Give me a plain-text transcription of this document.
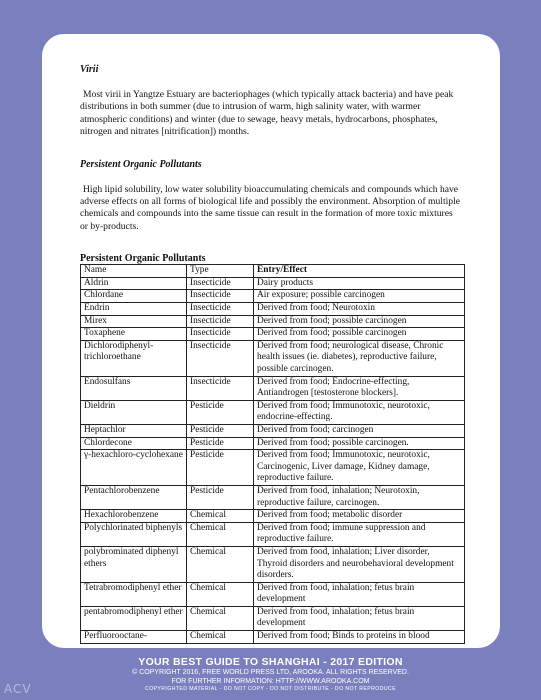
Virii

Most virii in Yangtze Estuary are bacteriophages (which typically attack bacteria) and have peak distributions in both summer (due to intrusion of warm, high salinity water, with warmer atmospheric conditions) and winter (due to sewage, heavy metals, hydrocarbons, phosphates, nitrogen and nitrates [nitrification]) months.

Persistent Organic Pollutants

High lipid solubility, low water solubility bioaccumulating chemicals and compounds which have adverse effects on all forms of biological life and possibly the environment. Absorption of multiple chemicals and compounds into the same tissue can result in the formation of more toxic mixtures or by-products.

Persistent Organic Pollutants
Name	Type	Entry/Effect
Aldrin	Insecticide	Dairy products
Chlordane	Insecticide	Air exposure; possible carcinogen
Endrin	Insecticide	Derived from food; Neurotoxin
Mirex	Insecticide	Derived from food; possible carcinogen
Toxaphene	Insecticide	Derived from food; possible carcinogen
Dichlorodiphenyl-trichloroethane	Insecticide	Derived from food; neurological disease, Chronic health issues (ie. diabetes), reproductive failure, possible carcinogen.
Endosulfans	Insecticide	Derived from food; Endocrine-effecting, Antiandrogen [testosterone blockers].
Dieldrin	Pesticide	Derived from food; Immunotoxic, neurotoxic, endocrine-effecting.
Heptachlor	Pesticide	Derived from food; carcinogen
Chlordecone	Pesticide	Derived from food; possible carcinogen.
γ-hexachloro-cyclohexane	Pesticide	Derived from food; Immunotoxic, neurotoxic, Carcinogenic, Liver damage, Kidney damage, reproductive failure.
Pentachlorobenzene	Pesticide	Derived from food, inhalation; Neurotoxin, reproductive failure, carcinogen.
Hexachlorobenzene	Chemical	Derived from food; metabolic disorder
Polychlorinated biphenyls	Chemical	Derived from food; immune suppression and reproductive failure.
polybrominated diphenyl ethers	Chemical	Derived from food, inhalation; Liver disorder, Thyroid disorders and neurobehavioral development disorders.
Tetrabromodiphenyl ether	Chemical	Derived from food, inhalation; fetus brain development
pentabromodiphenyl ether	Chemical	Derived from food, inhalation; fetus brain development
Perfluorooctane-	Chemical	Derived from food; Binds to proteins in blood
YOUR BEST GUIDE TO SHANGHAI - 2017 EDITION
© COPYRIGHT 2016, FREE WORLD PRESS LTD, AROOKA. ALL RIGHTS RESERVED.
FOR FURTHER INFORMATION: HTTP://WWW.AROOKA.COM
COPYRIGHTED MATERIAL - DO NOT COPY - DO NOT DISTRIBUTE - DO NOT REPRODUCE
ACV
